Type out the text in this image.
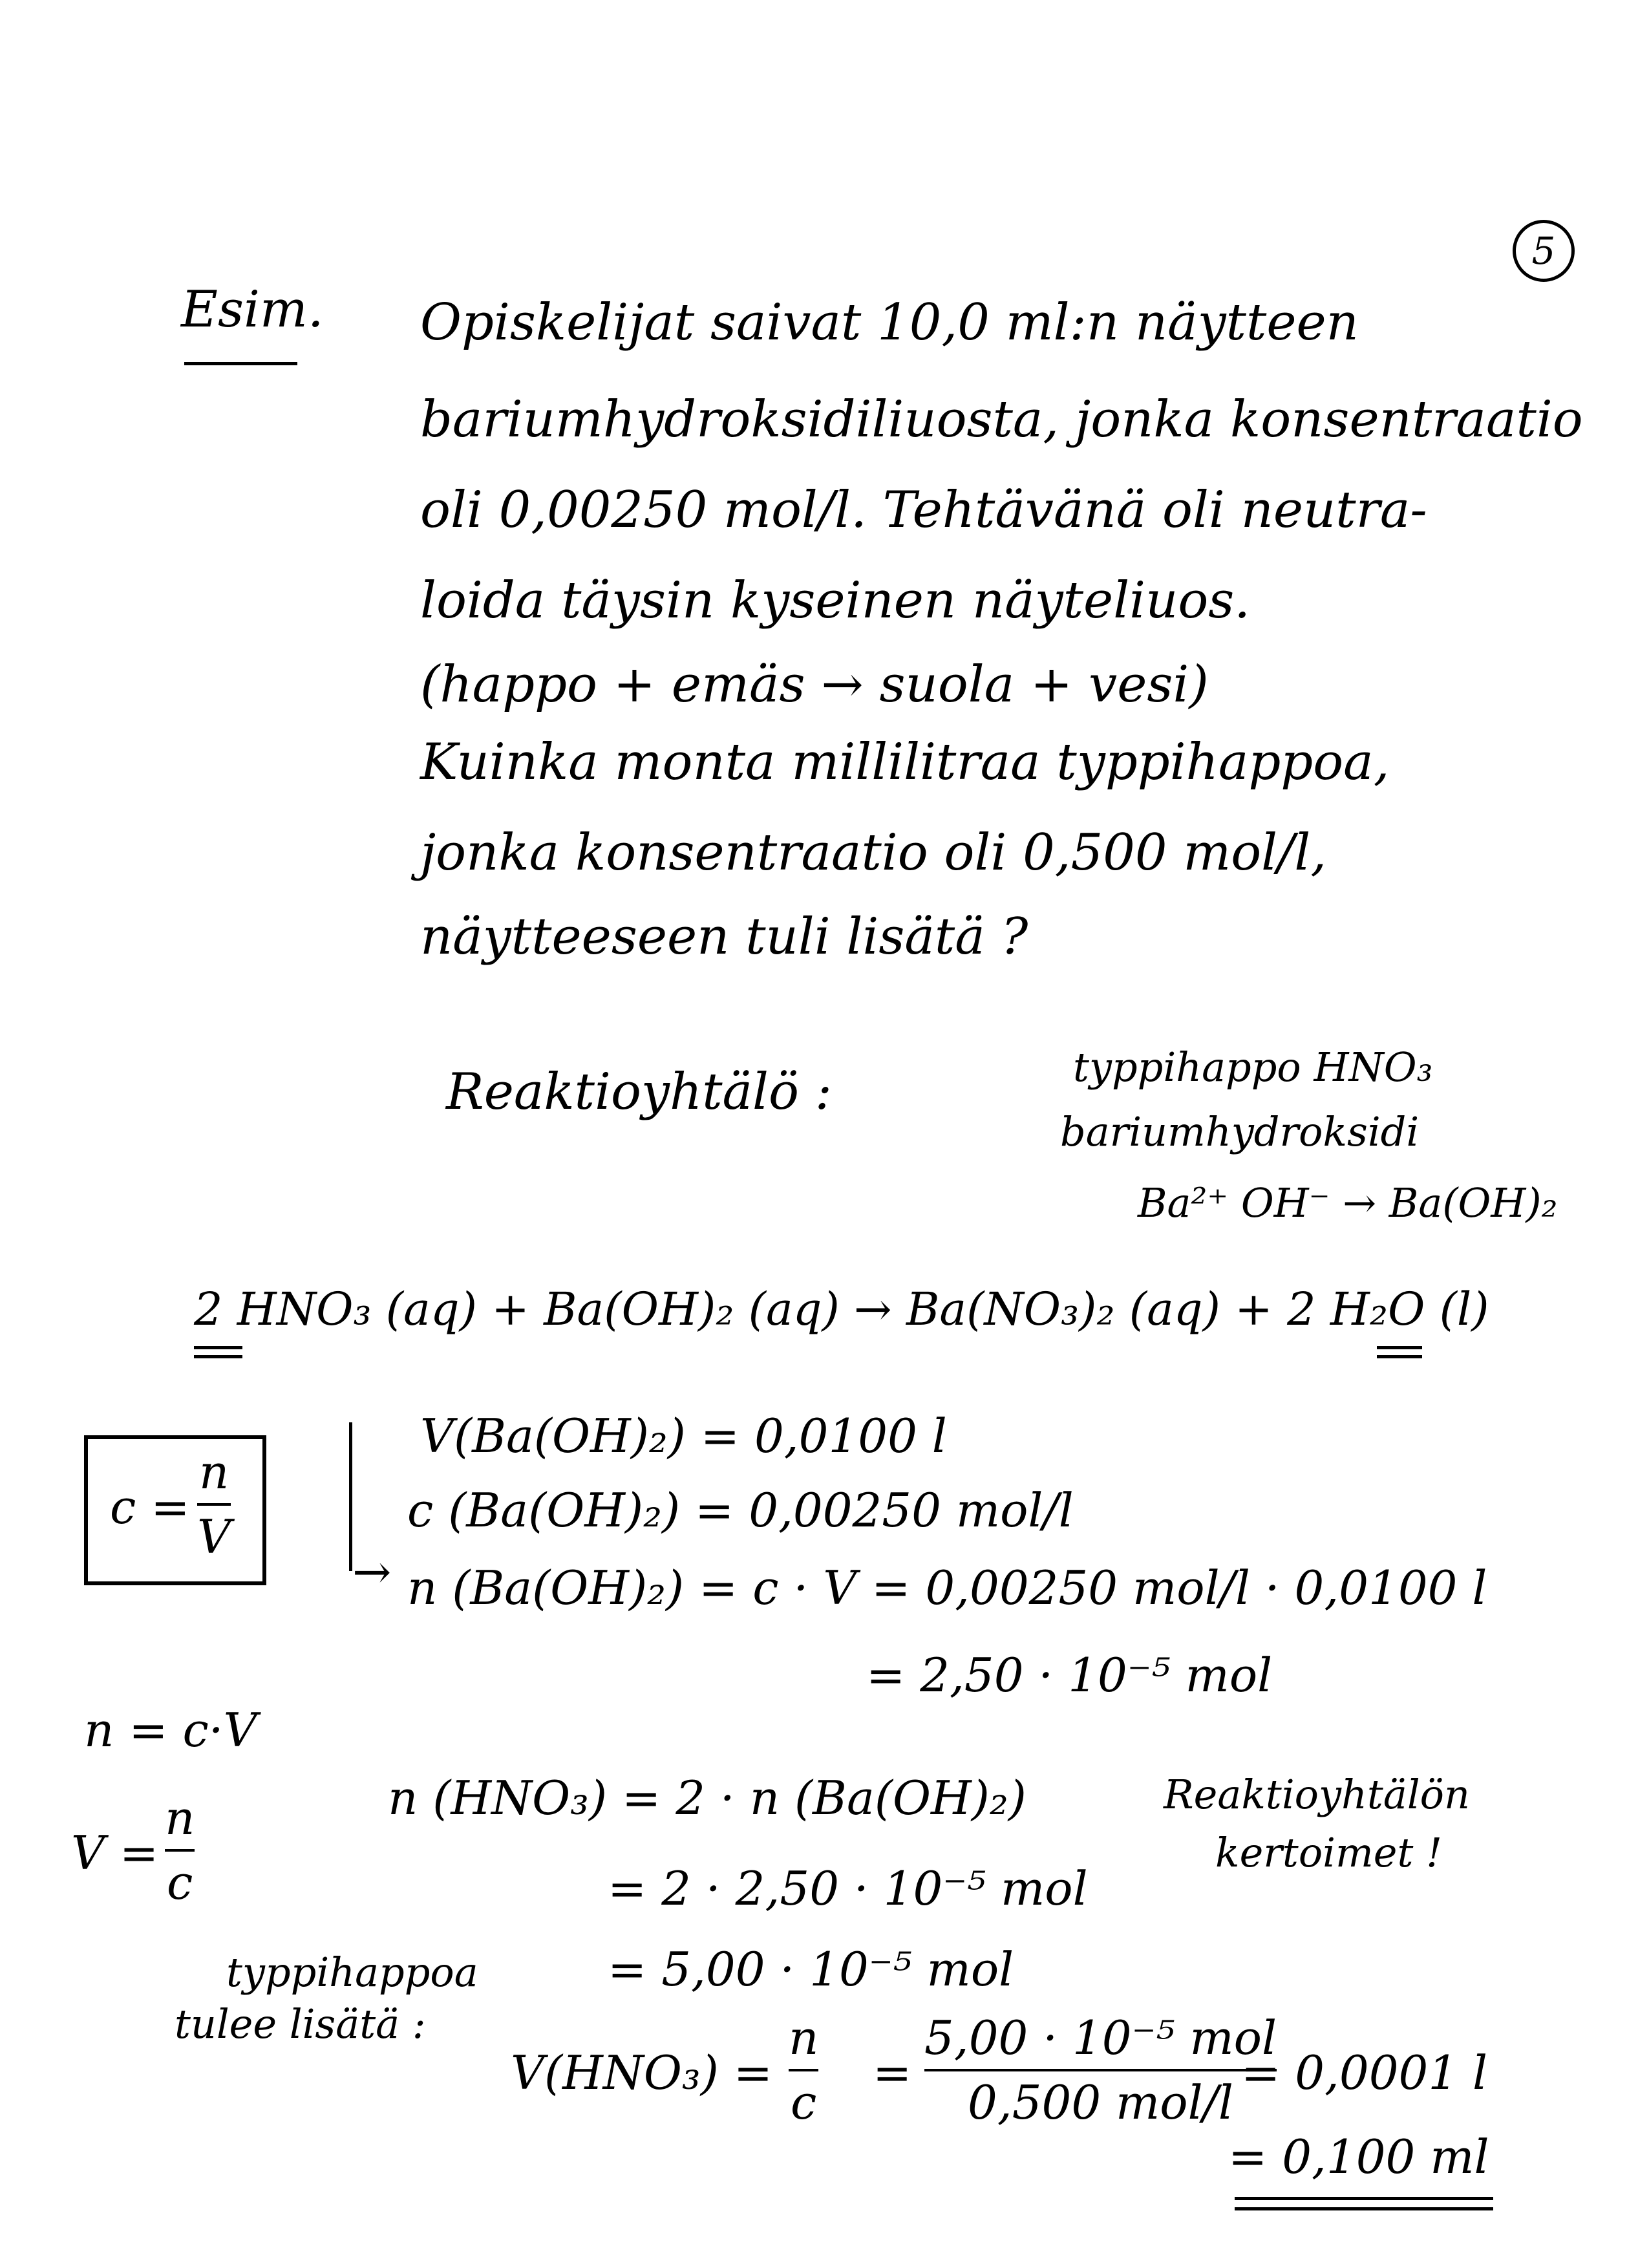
5
Esim. Opiskelijat saivat 10,0 ml:n näytteen
bariumhydroksidiliuosta, jonka konsentraatio
oli 0,00250 mol/l. Tehtävänä oli neutra-
loida täysin kyseinen näyteliuos.
(happo + emäs → suola + vesi)
Kuinka monta millilitraa typpihappoa,
jonka konsentraatio oli 0,500 mol/l,
näytteeseen tuli lisätä ?
Reaktioyhtälö :	typpihappo HNO₃
bariumhydroksidi
Ba²⁺ OH⁻ → Ba(OH)₂
2 HNO₃ (aq) + Ba(OH)₂ (aq) → Ba(NO₃)₂ (aq) + 2 H₂O (l)
c =
n
V
→
V(Ba(OH)₂) = 0,0100 l
c (Ba(OH)₂) = 0,00250 mol/l
n (Ba(OH)₂) = c · V = 0,00250 mol/l · 0,0100 l
= 2,50 · 10⁻⁵ mol
n = c·V
V =
n
c
n (HNO₃) = 2 · n (Ba(OH)₂)
= 2 · 2,50 · 10⁻⁵ mol
= 5,00 · 10⁻⁵ mol
Reaktioyhtälön
kertoimet !
typpihappoa
tulee lisätä :
V(HNO₃) =
n
c
=
5,00 · 10⁻⁵ mol
0,500 mol/l
= 0,0001 l
= 0,100 ml
